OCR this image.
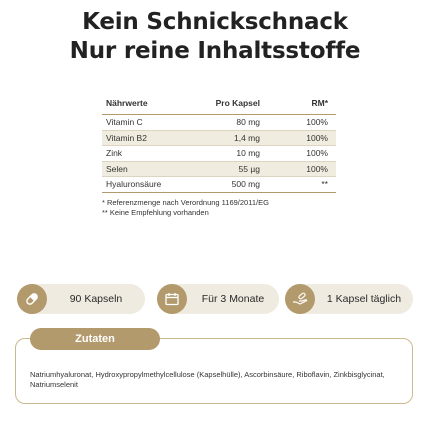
Kein Schnickschnack
Nur reine Inhaltsstoffe
Nährwerte	Pro Kapsel	RM*
Vitamin C	80 mg	100%
Vitamin B2	1,4 mg	100%
Zink	10 mg	100%
Selen	55 µg	100%
Hyaluronsäure	500 mg	**
* Referenzmenge nach Verordnung 1169/2011/EG
** Keine Empfehlung vorhanden
90 Kapseln	Für 3 Monate	1 Kapsel täglich
Zutaten
Natriumhyaluronat, Hydroxypropylmethylcellulose (Kapselhülle), Ascorbinsäure, Riboflavin, Zinkbisglycinat, Natriumselenit
